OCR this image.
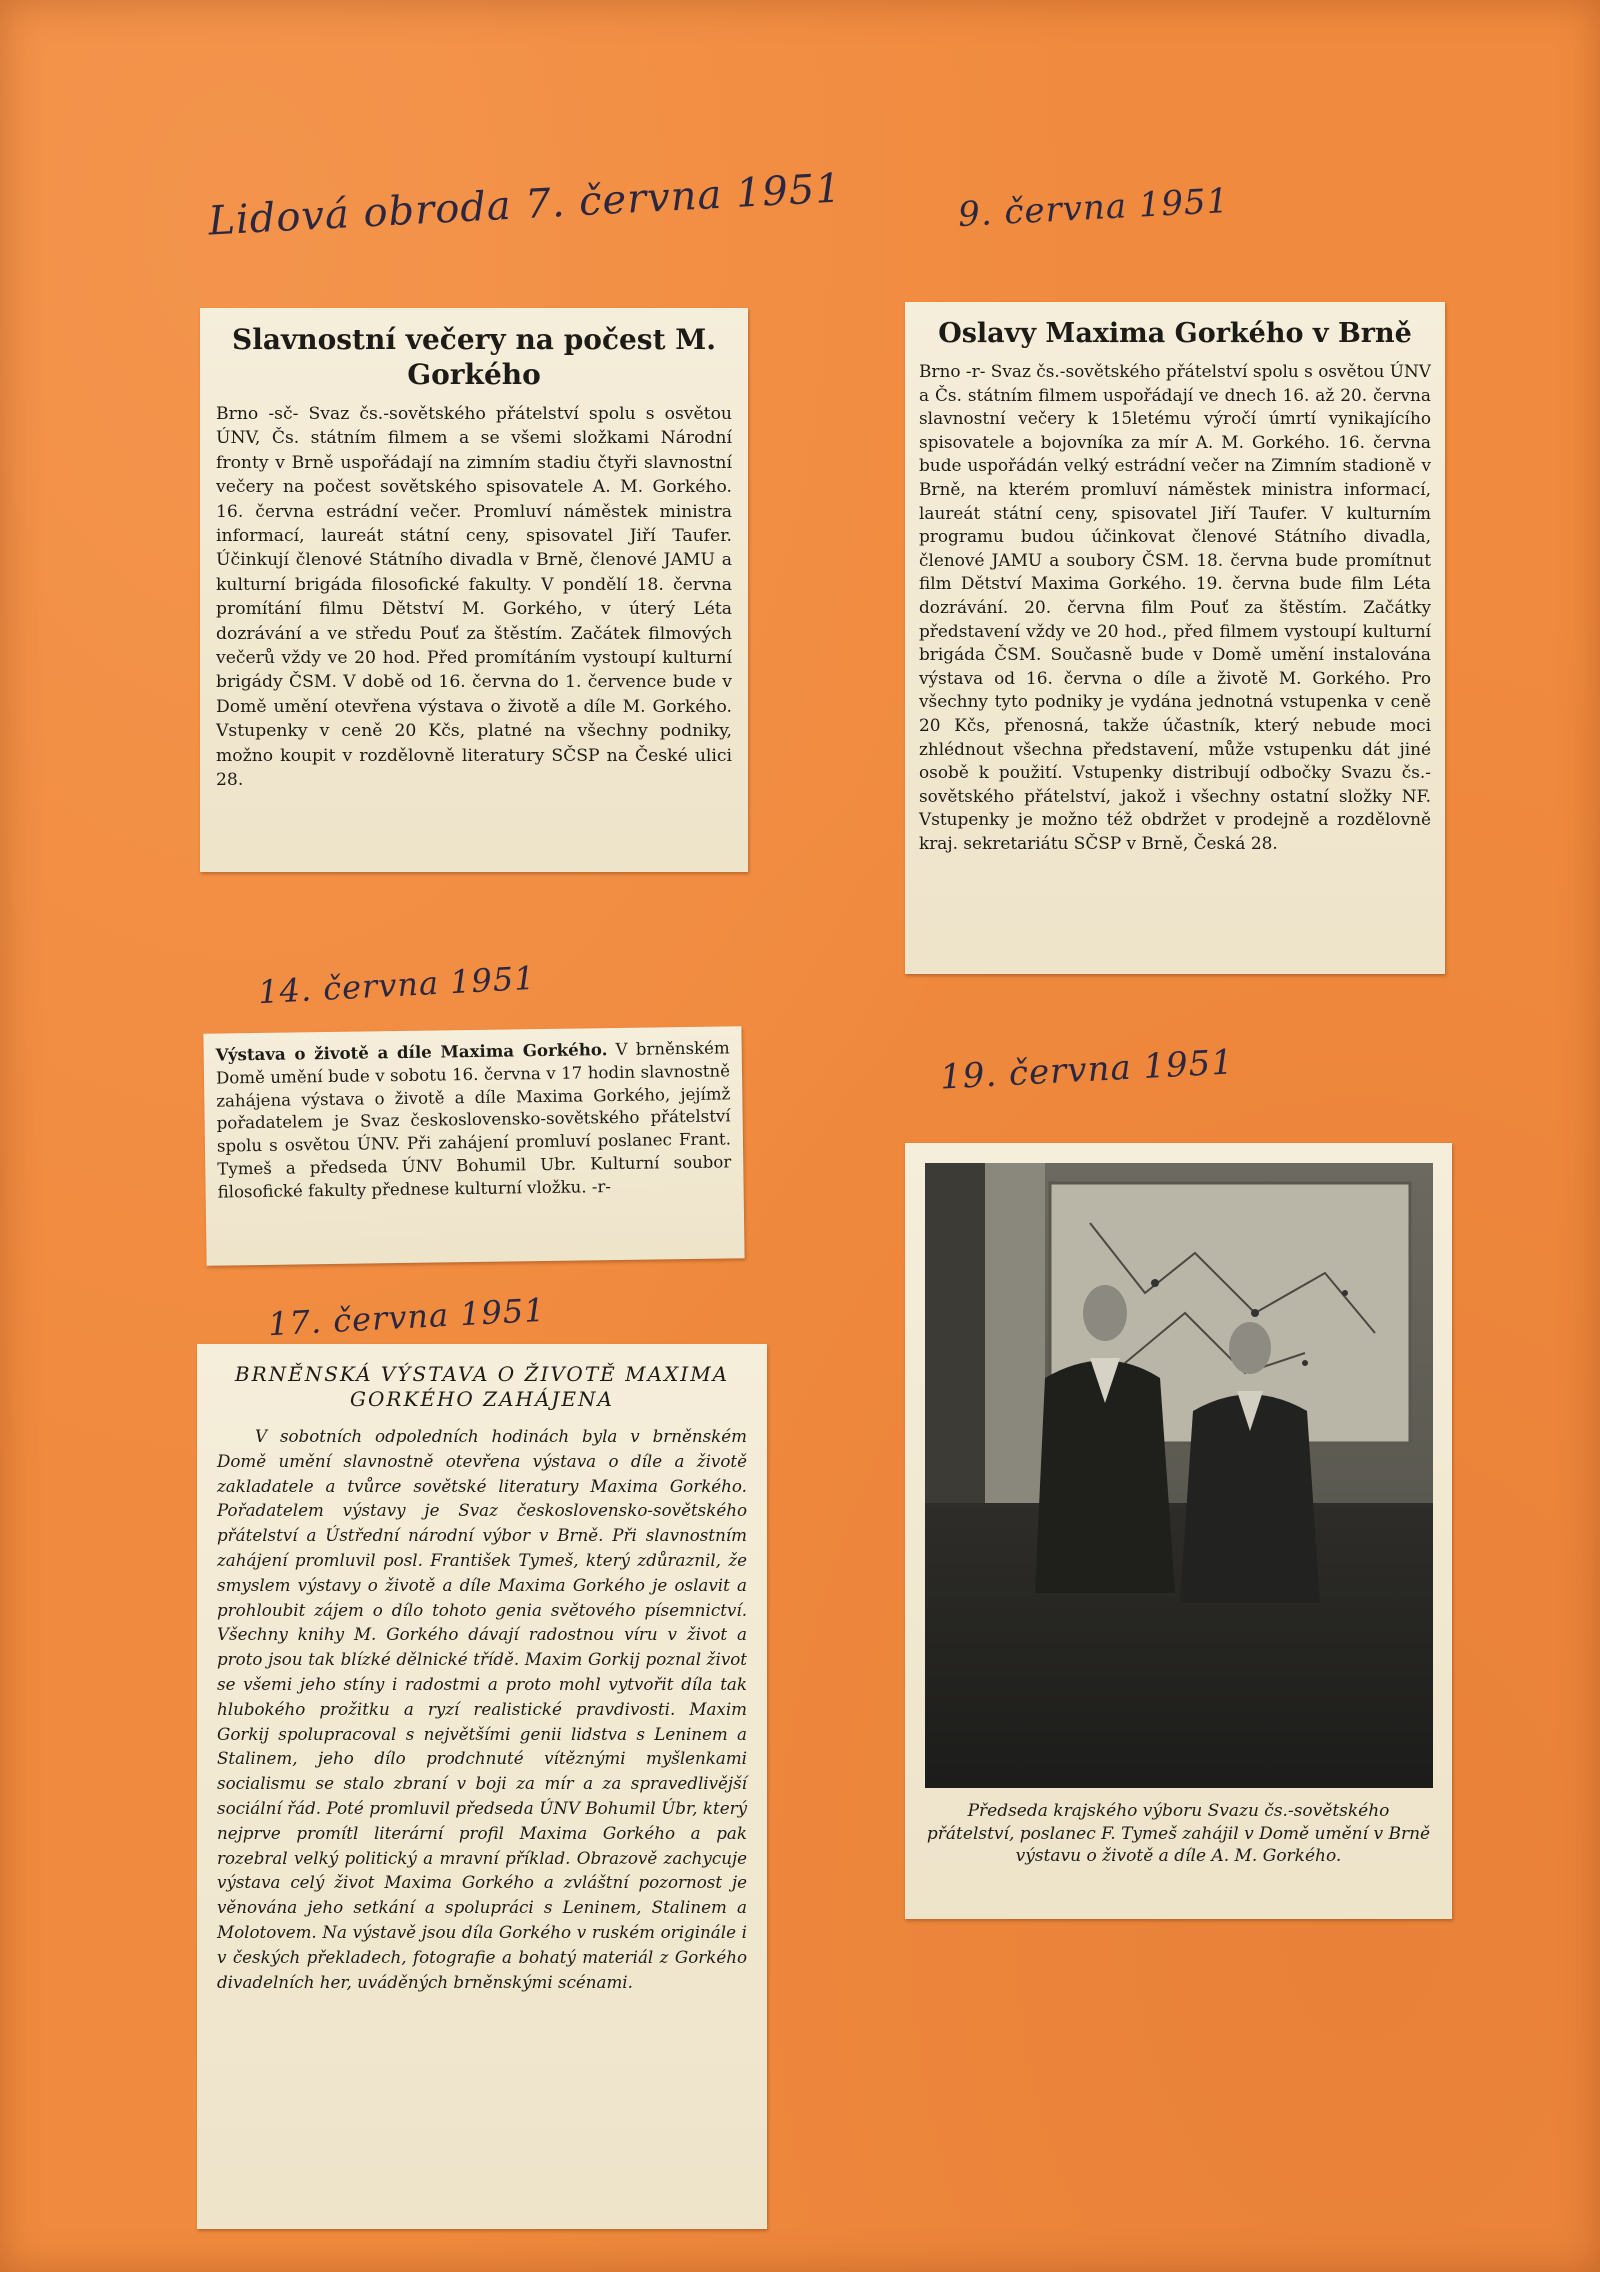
Lidová obroda 7. června 1951	9. června 1951
14. června 1951
19. června 1951
17. června 1951
Slavnostní večery na počest M. Gorkého

Brno -sč- Svaz čs.-sovětského přátelství spolu s osvětou ÚNV, Čs. státním filmem a se všemi složkami Národní fronty v Brně uspořádají na zimním stadiu čtyři slavnostní večery na počest sovětského spisovatele A. M. Gorkého. 16. června estrádní večer. Promluví náměstek ministra informací, laureát státní ceny, spisovatel Jiří Taufer. Účinkují členové Státního divadla v Brně, členové JAMU a kulturní brigáda filosofické fakulty. V pondělí 18. června promítání filmu Dětství M. Gorkého, v úterý Léta dozrávání a ve středu Pouť za štěstím. Začátek filmových večerů vždy ve 20 hod. Před promítáním vystoupí kulturní brigády ČSM. V době od 16. června do 1. července bude v Domě umění otevřena výstava o životě a díle M. Gorkého. Vstupenky v ceně 20 Kčs, platné na všechny podniky, možno koupit v rozdělovně literatury SČSP na České ulici 28.

Oslavy Maxima Gorkého v Brně

Brno -r- Svaz čs.-sovětského přátelství spolu s osvětou ÚNV a Čs. státním filmem uspořádají ve dnech 16. až 20. června slavnostní večery k 15letému výročí úmrtí vynikajícího spisovatele a bojovníka za mír A. M. Gorkého. 16. června bude uspořádán velký estrádní večer na Zimním stadioně v Brně, na kterém promluví náměstek ministra informací, laureát státní ceny, spisovatel Jiří Taufer. V kulturním programu budou účinkovat členové Státního divadla, členové JAMU a soubory ČSM. 18. června bude promítnut film Dětství Maxima Gorkého. 19. června bude film Léta dozrávání. 20. června film Pouť za štěstím. Začátky představení vždy ve 20 hod., před filmem vystoupí kulturní brigáda ČSM. Současně bude v Domě umění instalována výstava od 16. června o díle a životě M. Gorkého. Pro všechny tyto podniky je vydána jednotná vstupenka v ceně 20 Kčs, přenosná, takže účastník, který nebude moci zhlédnout všechna představení, může vstupenku dát jiné osobě k použití. Vstupenky distribují odbočky Svazu čs.-sovětského přátelství, jakož i všechny ostatní složky NF. Vstupenky je možno též obdržet v prodejně a rozdělovně kraj. sekretariátu SČSP v Brně, Česká 28.

Výstava o životě a díle Maxima Gorkého. V brněnském Domě umění bude v sobotu 16. června v 17 hodin slavnostně zahájena výstava o životě a díle Maxima Gorkého, jejímž pořadatelem je Svaz československo-sovětského přátelství spolu s osvětou ÚNV. Při zahájení promluví poslanec Frant. Tymeš a předseda ÚNV Bohumil Ubr. Kulturní soubor filosofické fakulty přednese kulturní vložku. -r-

BRNĚNSKÁ VÝSTAVA O ŽIVOTĚ MAXIMA GORKÉHO ZAHÁJENA

V sobotních odpoledních hodinách byla v brněnském Domě umění slavnostně otevřena výstava o díle a životě zakladatele a tvůrce sovětské literatury Maxima Gorkého. Pořadatelem výstavy je Svaz československo-sovětského přátelství a Ústřední národní výbor v Brně. Při slavnostním zahájení promluvil posl. František Tymeš, který zdůraznil, že smyslem výstavy o životě a díle Maxima Gorkého je oslavit a prohloubit zájem o dílo tohoto genia světového písemnictví. Všechny knihy M. Gorkého dávají radostnou víru v život a proto jsou tak blízké dělnické třídě. Maxim Gorkij poznal život se všemi jeho stíny i radostmi a proto mohl vytvořit díla tak hlubokého prožitku a ryzí realistické pravdivosti. Maxim Gorkij spolupracoval s největšími genii lidstva s Leninem a Stalinem, jeho dílo prodchnuté vítěznými myšlenkami socialismu se stalo zbraní v boji za mír a za spravedlivější sociální řád. Poté promluvil předseda ÚNV Bohumil Úbr, který nejprve promítl literární profil Maxima Gorkého a pak rozebral velký politický a mravní příklad. Obrazově zachycuje výstava celý život Maxima Gorkého a zvláštní pozornost je věnována jeho setkání a spolupráci s Leninem, Stalinem a Molotovem. Na výstavě jsou díla Gorkého v ruském originále i v českých překladech, fotografie a bohatý materiál z Gorkého divadelních her, uváděných brněnskými scénami.

Předseda krajského výboru Svazu čs.-sovětského přátelství, poslanec F. Tymeš zahájil v Domě umění v Brně výstavu o životě a díle A. M. Gorkého.
